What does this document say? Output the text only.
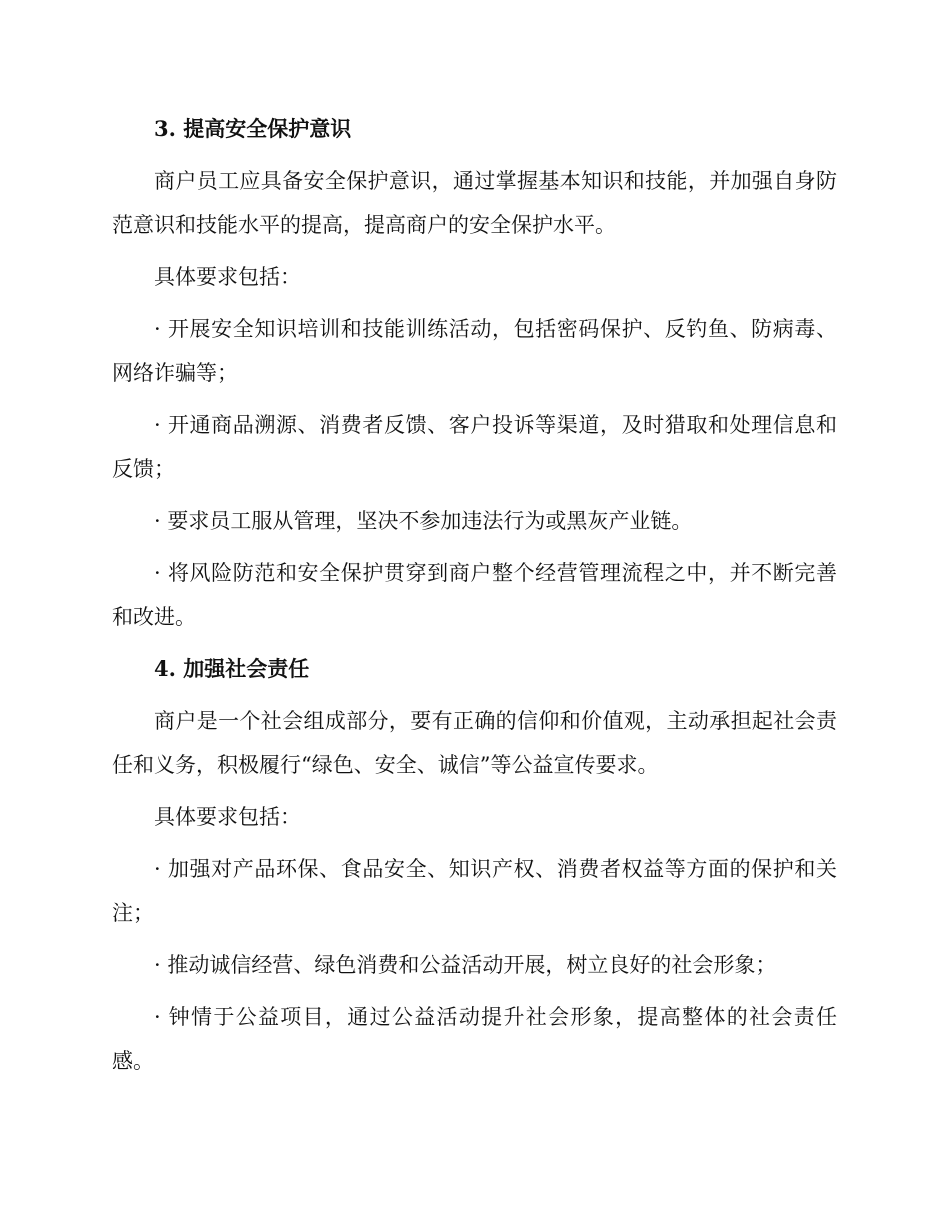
3. 提高安全保护意识
商户员工应具备安全保护意识，通过掌握基本知识和技能，并加强自身防范意识和技能水平的提高，提高商户的安全保护水平。
具体要求包括：
· 开展安全知识培训和技能训练活动，包括密码保护、反钓鱼、防病毒、网络诈骗等；
· 开通商品溯源、消费者反馈、客户投诉等渠道，及时猎取和处理信息和反馈；
· 要求员工服从管理，坚决不参加违法行为或黑灰产业链。
· 将风险防范和安全保护贯穿到商户整个经营管理流程之中，并不断完善和改进。
4. 加强社会责任
商户是一个社会组成部分，要有正确的信仰和价值观，主动承担起社会责任和义务，积极履行“绿色、安全、诚信”等公益宣传要求。
具体要求包括：
· 加强对产品环保、食品安全、知识产权、消费者权益等方面的保护和关注；
· 推动诚信经营、绿色消费和公益活动开展，树立良好的社会形象；
· 钟情于公益项目，通过公益活动提升社会形象，提高整体的社会责任感。
